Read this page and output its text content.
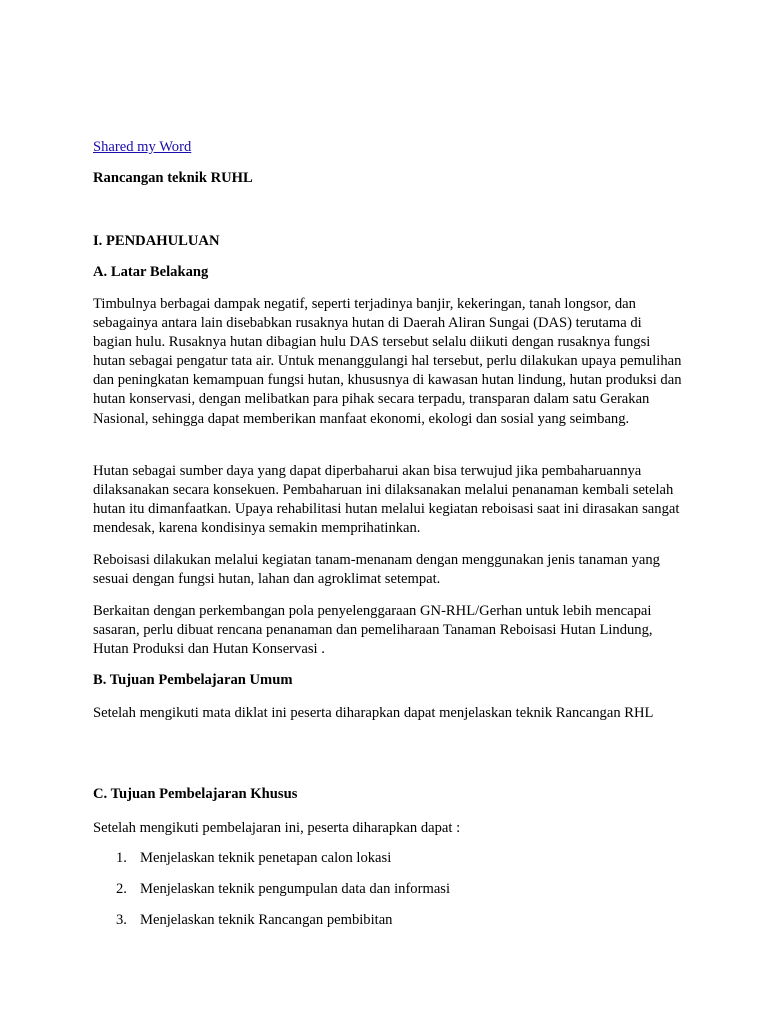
Shared my Word
Rancangan teknik RUHL
I. PENDAHULUAN
A. Latar Belakang
Timbulnya berbagai dampak negatif, seperti terjadinya banjir, kekeringan, tanah longsor, dan sebagainya antara lain disebabkan rusaknya hutan di Daerah Aliran Sungai (DAS) terutama di bagian hulu. Rusaknya hutan dibagian hulu DAS tersebut selalu diikuti dengan rusaknya fungsi hutan sebagai pengatur tata air. Untuk menanggulangi hal tersebut, perlu dilakukan upaya pemulihan dan peningkatan kemampuan fungsi hutan, khususnya di kawasan hutan lindung, hutan produksi dan hutan konservasi, dengan melibatkan para pihak secara terpadu, transparan dalam satu Gerakan Nasional, sehingga dapat memberikan manfaat ekonomi, ekologi dan sosial yang seimbang.
Hutan sebagai sumber daya yang dapat diperbaharui akan bisa terwujud jika pembaharuannya dilaksanakan secara konsekuen. Pembaharuan ini dilaksanakan melalui penanaman kembali setelah hutan itu dimanfaatkan. Upaya rehabilitasi hutan melalui kegiatan reboisasi saat ini dirasakan sangat mendesak, karena kondisinya semakin memprihatinkan.
Reboisasi dilakukan melalui kegiatan tanam-menanam dengan menggunakan jenis tanaman yang sesuai dengan fungsi hutan, lahan dan agroklimat setempat.
Berkaitan dengan perkembangan pola penyelenggaraan GN-RHL/Gerhan untuk lebih mencapai sasaran, perlu dibuat rencana penanaman dan pemeliharaan Tanaman Reboisasi Hutan Lindung, Hutan Produksi dan Hutan Konservasi .
B. Tujuan Pembelajaran Umum
Setelah mengikuti mata diklat ini peserta diharapkan dapat menjelaskan teknik Rancangan RHL
C. Tujuan Pembelajaran Khusus
Setelah mengikuti pembelajaran ini, peserta diharapkan dapat :
1. Menjelaskan teknik penetapan calon lokasi
2. Menjelaskan teknik pengumpulan data dan informasi
3. Menjelaskan teknik Rancangan pembibitan
